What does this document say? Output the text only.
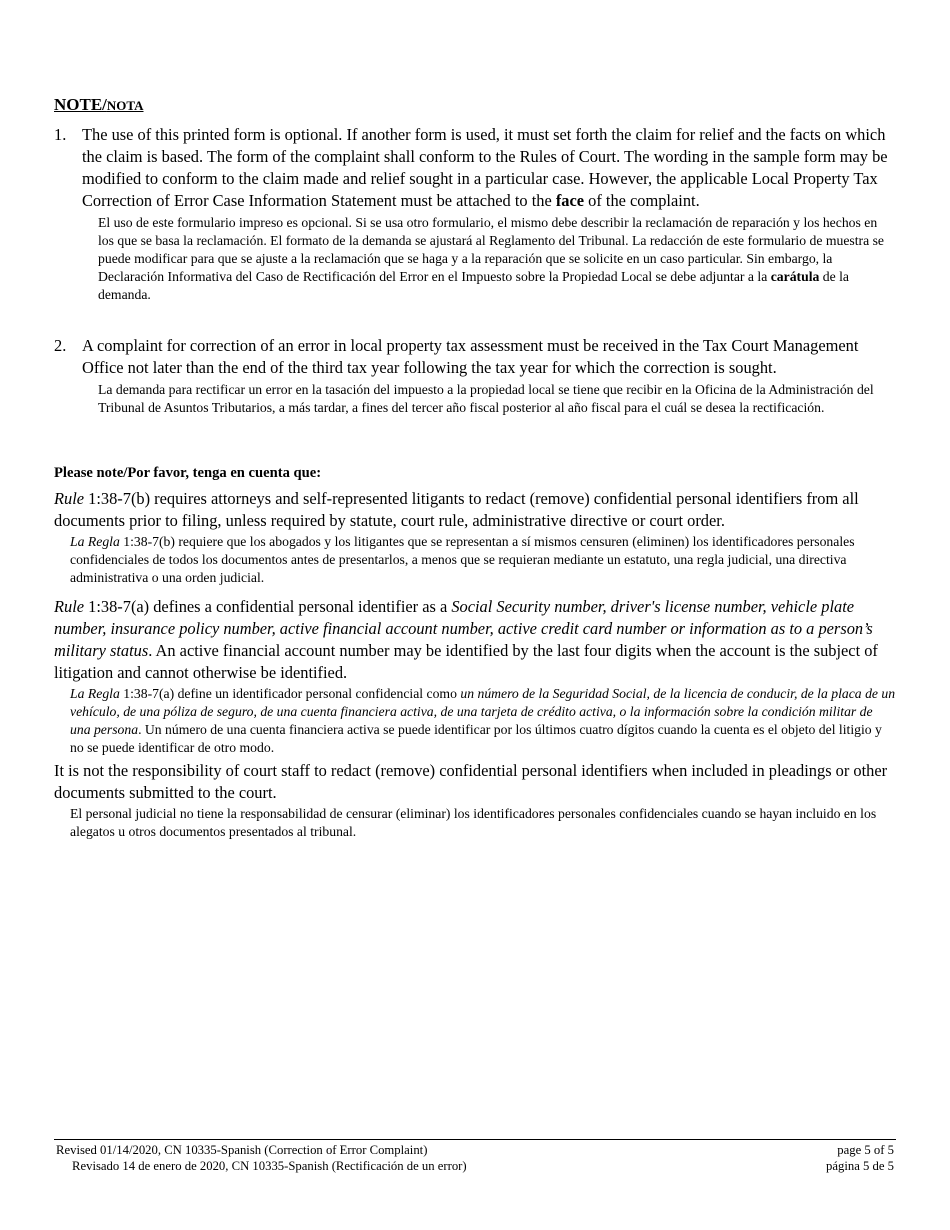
NOTE/NOTA
1. The use of this printed form is optional. If another form is used, it must set forth the claim for relief and the facts on which the claim is based. The form of the complaint shall conform to the Rules of Court. The wording in the sample form may be modified to conform to the claim made and relief sought in a particular case. However, the applicable Local Property Tax Correction of Error Case Information Statement must be attached to the face of the complaint.
El uso de este formulario impreso es opcional. Si se usa otro formulario, el mismo debe describir la reclamación de reparación y los hechos en los que se basa la reclamación. El formato de la demanda se ajustará al Reglamento del Tribunal. La redacción de este formulario de muestra se puede modificar para que se ajuste a la reclamación que se haga y a la reparación que se solicite en un caso particular. Sin embargo, la Declaración Informativa del Caso de Rectificación del Error en el Impuesto sobre la Propiedad Local se debe adjuntar a la carátula de la demanda.
2. A complaint for correction of an error in local property tax assessment must be received in the Tax Court Management Office not later than the end of the third tax year following the tax year for which the correction is sought.
La demanda para rectificar un error en la tasación del impuesto a la propiedad local se tiene que recibir en la Oficina de la Administración del Tribunal de Asuntos Tributarios, a más tardar, a fines del tercer año fiscal posterior al año fiscal para el cuál se desea la rectificación.
Please note/Por favor, tenga en cuenta que:
Rule 1:38-7(b) requires attorneys and self-represented litigants to redact (remove) confidential personal identifiers from all documents prior to filing, unless required by statute, court rule, administrative directive or court order.
La Regla 1:38-7(b) requiere que los abogados y los litigantes que se representan a sí mismos censuren (eliminen) los identificadores personales confidenciales de todos los documentos antes de presentarlos, a menos que se requieran mediante un estatuto, una regla judicial, una directiva administrativa o una orden judicial.
Rule 1:38-7(a) defines a confidential personal identifier as a Social Security number, driver's license number, vehicle plate number, insurance policy number, active financial account number, active credit card number or information as to a person’s military status. An active financial account number may be identified by the last four digits when the account is the subject of litigation and cannot otherwise be identified.
La Regla 1:38-7(a) define un identificador personal confidencial como un número de la Seguridad Social, de la licencia de conducir, de la placa de un vehículo, de una póliza de seguro, de una cuenta financiera activa, de una tarjeta de crédito activa, o la información sobre la condición militar de una persona. Un número de una cuenta financiera activa se puede identificar por los últimos cuatro dígitos cuando la cuenta es el objeto del litigio y no se puede identificar de otro modo.
It is not the responsibility of court staff to redact (remove) confidential personal identifiers when included in pleadings or other documents submitted to the court.
El personal judicial no tiene la responsabilidad de censurar (eliminar) los identificadores personales confidenciales cuando se hayan incluido en los alegatos u otros documentos presentados al tribunal.
Revised 01/14/2020, CN 10335-Spanish (Correction of Error Complaint)
Revisado 14 de enero de 2020, CN 10335-Spanish (Rectificación de un error)
page 5 of 5
página 5 de 5
